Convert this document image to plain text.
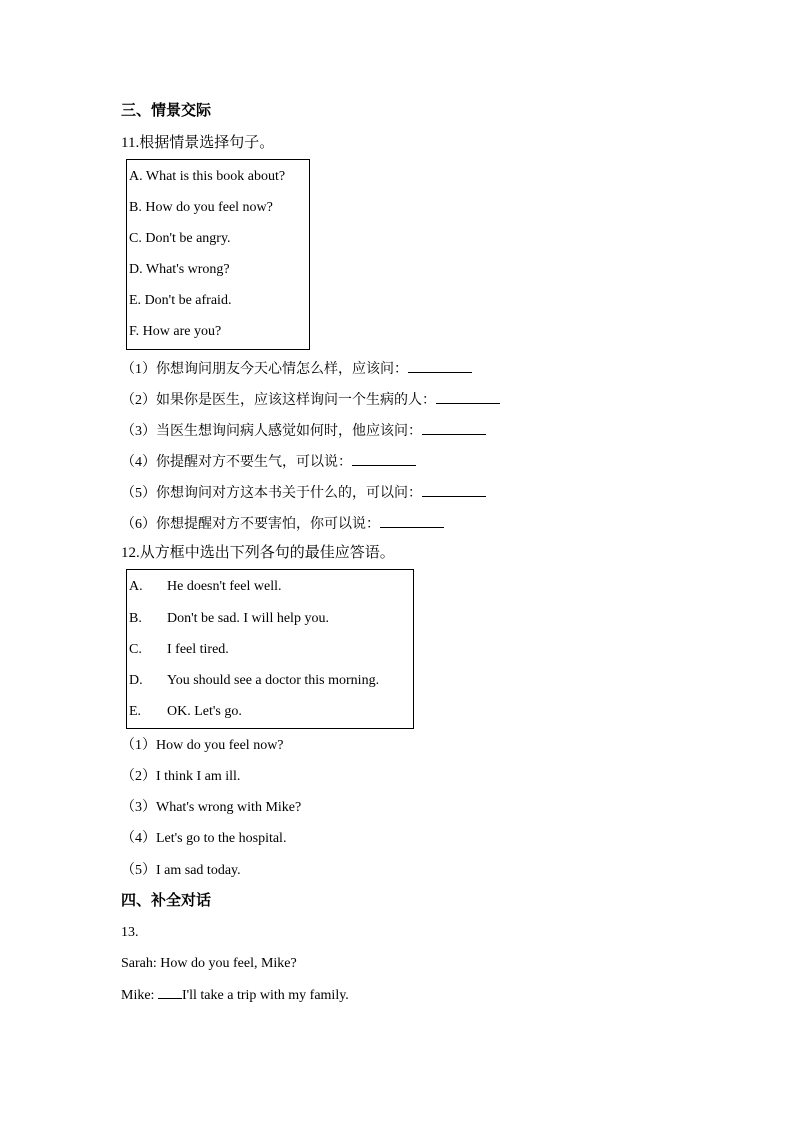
三、情景交际
11.根据情景选择句子。
A. What is this book about?
B. How do you feel now?
C. Don't be angry.
D. What's wrong?
E. Don't be afraid.
F. How are you?
（1）你想询问朋友今天心情怎么样，应该问：
（2）如果你是医生，应该这样询问一个生病的人：
（3）当医生想询问病人感觉如何时，他应该问：
（4）你提醒对方不要生气，可以说：
（5）你想询问对方这本书关于什么的，可以问：
（6）你想提醒对方不要害怕，你可以说：
12.从方框中选出下列各句的最佳应答语。
A. He doesn't feel well.
B. Don't be sad. I will help you.
C. I feel tired.
D. You should see a doctor this morning.
E. OK. Let's go.
（1）How do you feel now?
（2）I think I am ill.
（3）What's wrong with Mike?
（4）Let's go to the hospital.
（5）I am sad today.
四、补全对话
13.
Sarah: How do you feel, Mike?
Mike: I'll take a trip with my family.
